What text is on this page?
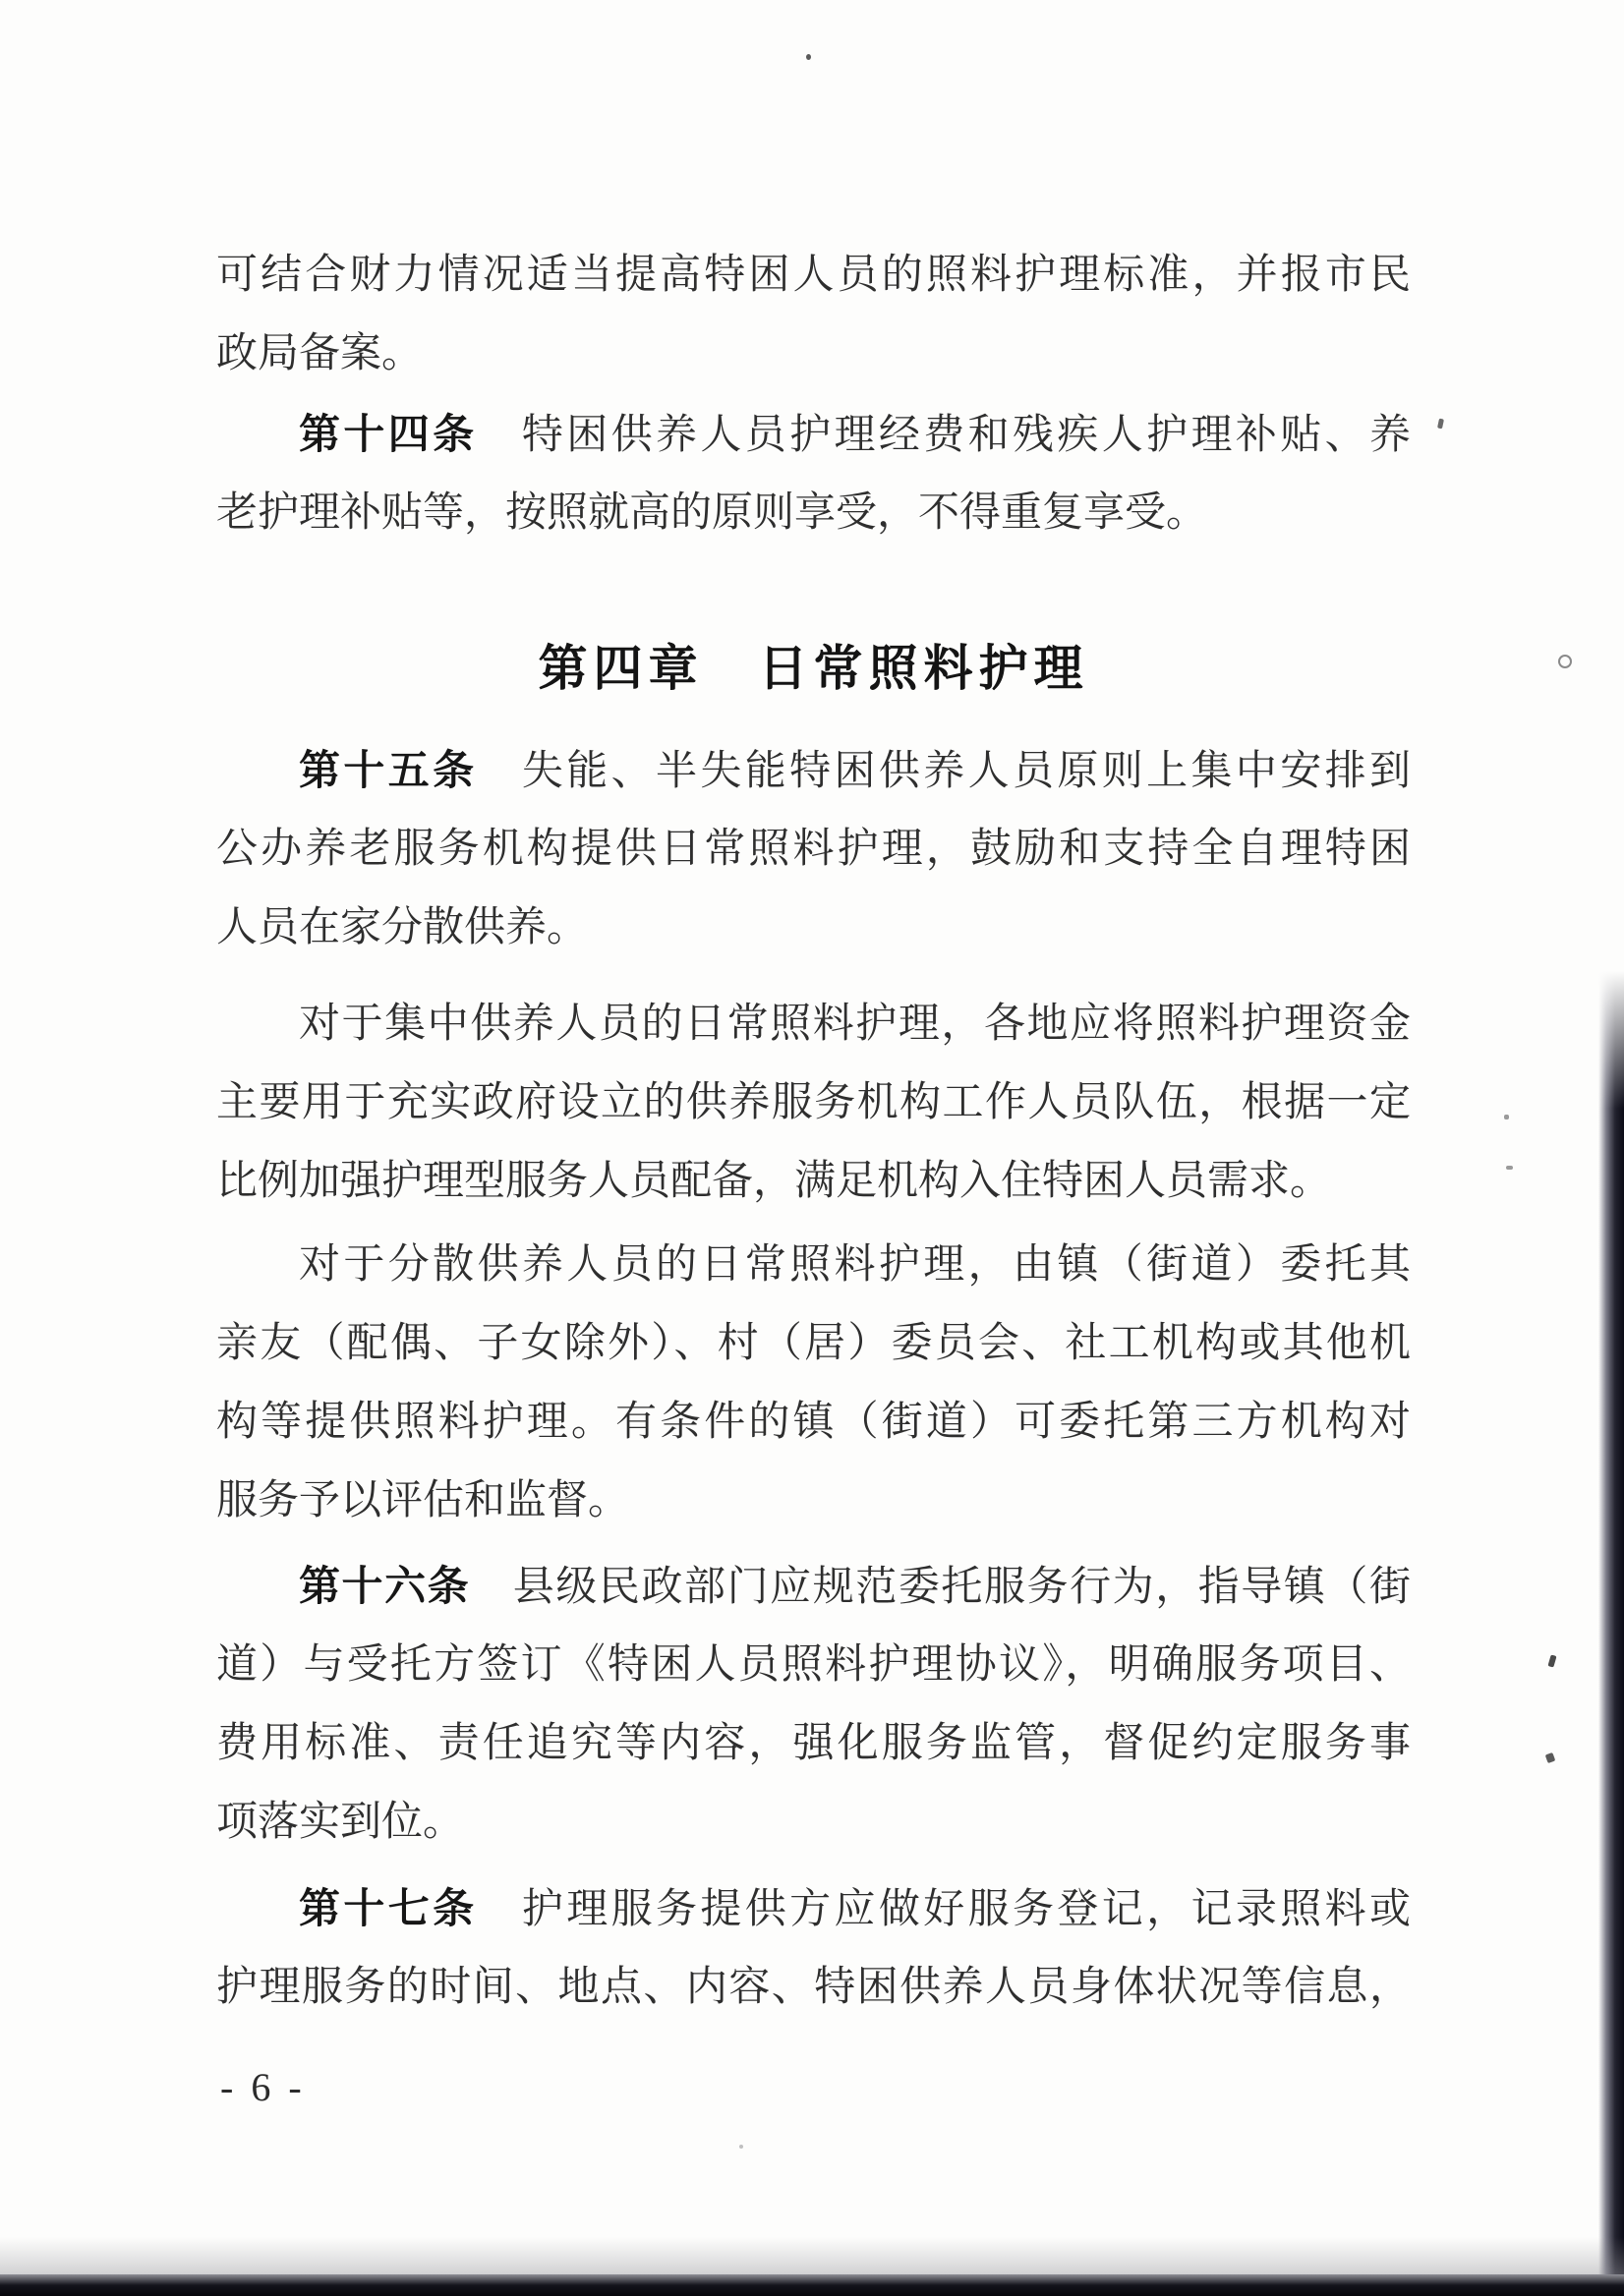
可结合财力情况适当提高特困人员的照料护理标准，并报市民
政局备案。
第十四条 特困供养人员护理经费和残疾人护理补贴、养
老护理补贴等，按照就高的原则享受，不得重复享受。
第四章　日常照料护理
第十五条 失能、半失能特困供养人员原则上集中安排到
公办养老服务机构提供日常照料护理，鼓励和支持全自理特困
人员在家分散供养。
对于集中供养人员的日常照料护理，各地应将照料护理资金
主要用于充实政府设立的供养服务机构工作人员队伍，根据一定
比例加强护理型服务人员配备，满足机构入住特困人员需求。
对于分散供养人员的日常照料护理，由镇（街道）委托其
亲友（配偶、子女除外）、村（居）委员会、社工机构或其他机
构等提供照料护理。有条件的镇（街道）可委托第三方机构对
服务予以评估和监督。
第十六条 县级民政部门应规范委托服务行为，指导镇（街
道）与受托方签订《特困人员照料护理协议》，明确服务项目、
费用标准、责任追究等内容，强化服务监管，督促约定服务事
项落实到位。
第十七条 护理服务提供方应做好服务登记，记录照料或
护理服务的时间、地点、内容、特困供养人员身体状况等信息，
- 6 -
